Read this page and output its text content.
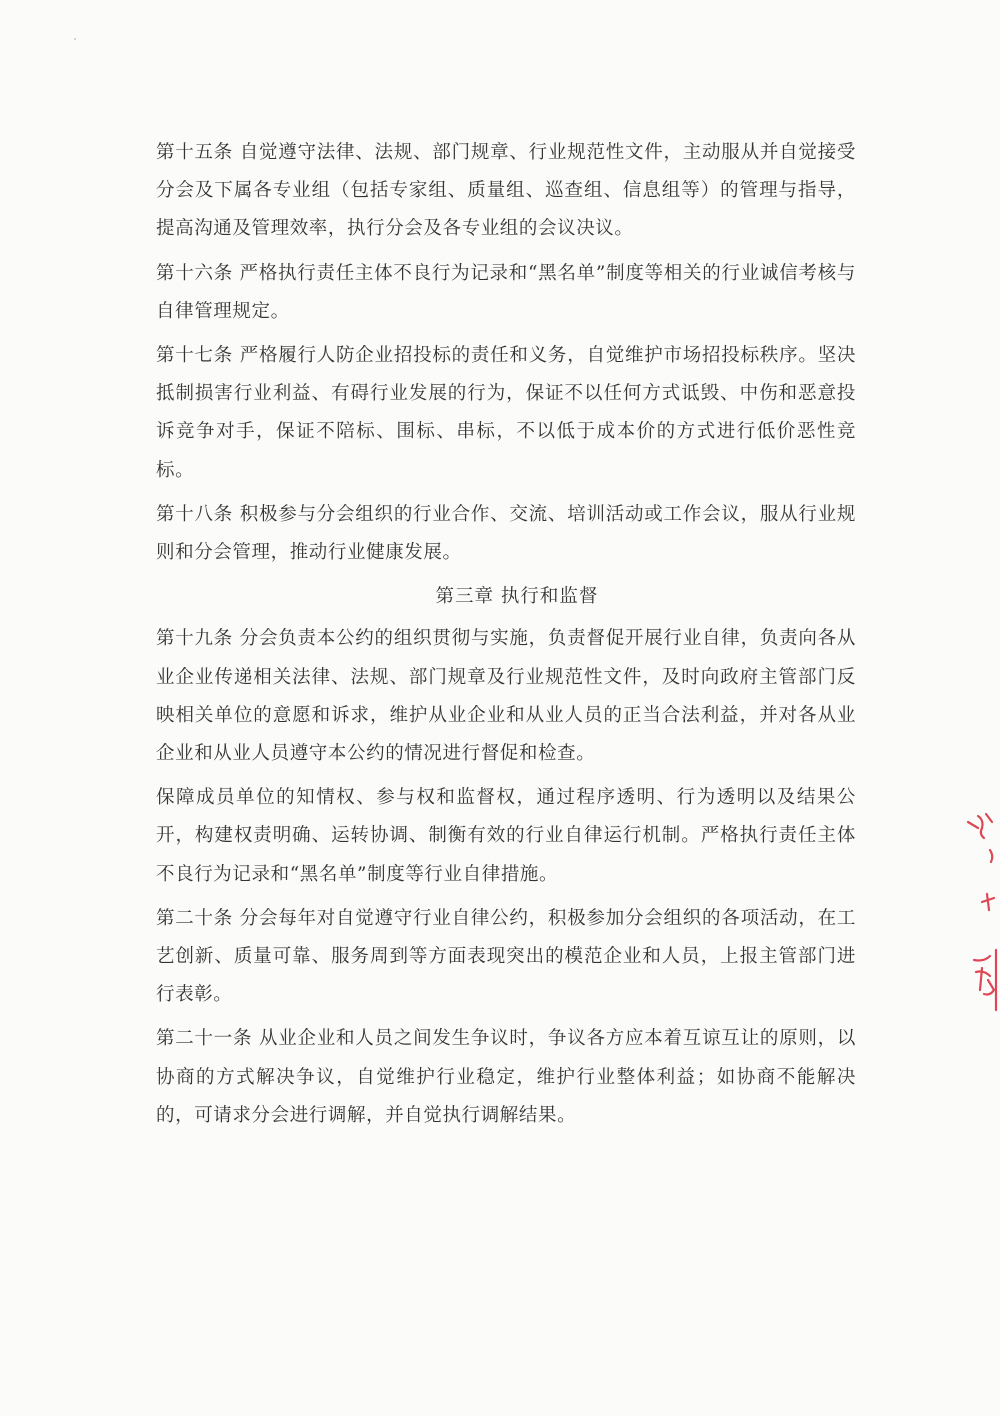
第十五条 自觉遵守法律、法规、部门规章、行业规范性文件，主动服从并自觉接受分会及下属各专业组（包括专家组、质量组、巡查组、信息组等）的管理与指导，提高沟通及管理效率，执行分会及各专业组的会议决议。

第十六条 严格执行责任主体不良行为记录和“黑名单”制度等相关的行业诚信考核与自律管理规定。

第十七条 严格履行人防企业招投标的责任和义务，自觉维护市场招投标秩序。坚决抵制损害行业利益、有碍行业发展的行为，保证不以任何方式诋毁、中伤和恶意投诉竞争对手，保证不陪标、围标、串标，不以低于成本价的方式进行低价恶性竞标。

第十八条 积极参与分会组织的行业合作、交流、培训活动或工作会议，服从行业规则和分会管理，推动行业健康发展。

第三章 执行和监督

第十九条 分会负责本公约的组织贯彻与实施，负责督促开展行业自律，负责向各从业企业传递相关法律、法规、部门规章及行业规范性文件，及时向政府主管部门反映相关单位的意愿和诉求，维护从业企业和从业人员的正当合法利益，并对各从业企业和从业人员遵守本公约的情况进行督促和检查。

保障成员单位的知情权、参与权和监督权，通过程序透明、行为透明以及结果公开，构建权责明确、运转协调、制衡有效的行业自律运行机制。严格执行责任主体不良行为记录和“黑名单”制度等行业自律措施。

第二十条 分会每年对自觉遵守行业自律公约，积极参加分会组织的各项活动，在工艺创新、质量可靠、服务周到等方面表现突出的模范企业和人员，上报主管部门进行表彰。

第二十一条 从业企业和人员之间发生争议时，争议各方应本着互谅互让的原则，以协商的方式解决争议，自觉维护行业稳定，维护行业整体利益；如协商不能解决的，可请求分会进行调解，并自觉执行调解结果。
